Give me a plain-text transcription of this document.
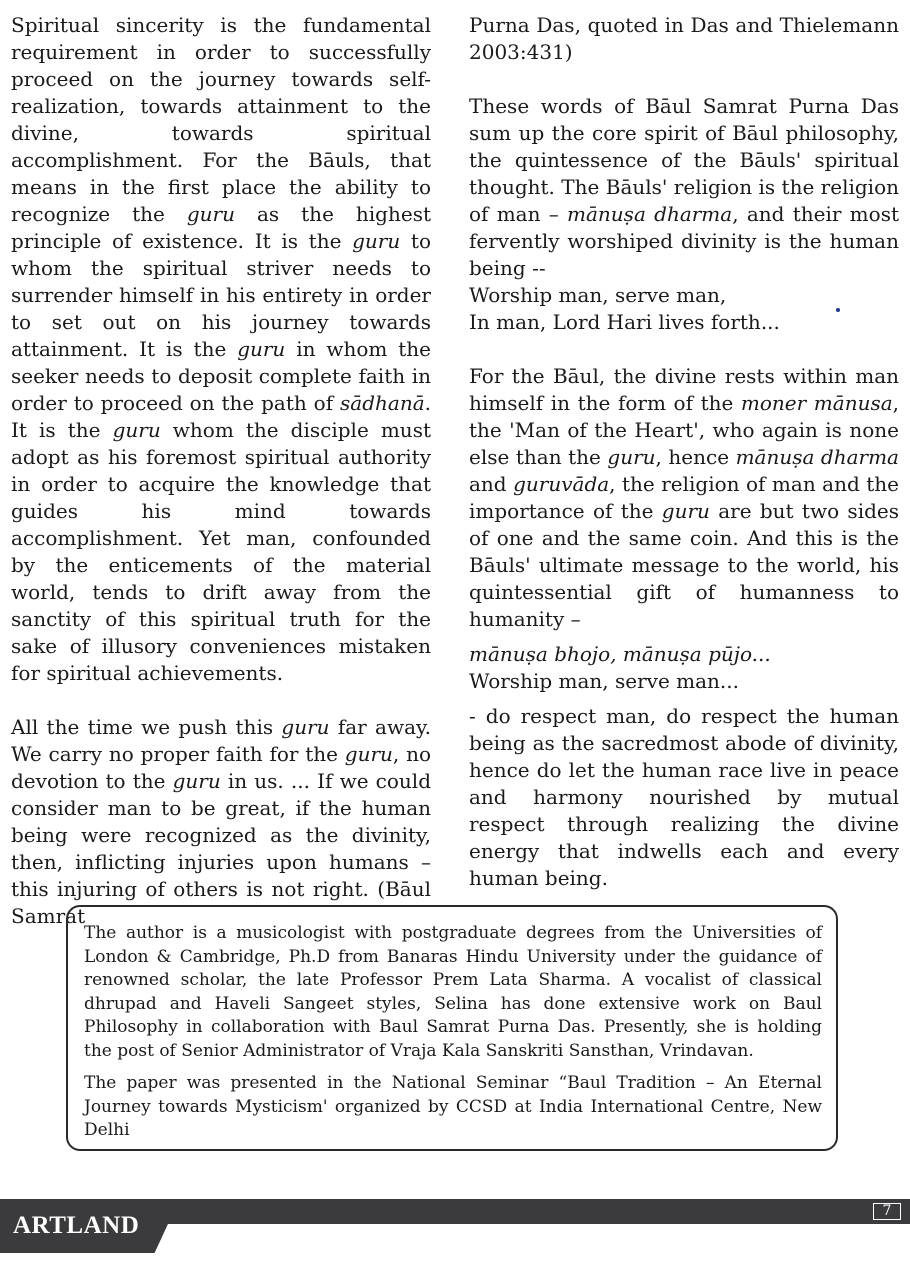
Spiritual sincerity is the fundamental requirement in order to successfully proceed on the journey towards self-realization, towards attainment to the divine, towards spiritual accomplishment. For the Bāuls, that means in the first place the ability to recognize the guru as the highest principle of existence. It is the guru to whom the spiritual striver needs to surrender himself in his entirety in order to set out on his journey towards attainment. It is the guru in whom the seeker needs to deposit complete faith in order to proceed on the path of sādhanā. It is the guru whom the disciple must adopt as his foremost spiritual authority in order to acquire the knowledge that guides his mind towards accomplishment. Yet man, confounded by the enticements of the material world, tends to drift away from the sanctity of this spiritual truth for the sake of illusory conveniences mistaken for spiritual achievements.

All the time we push this guru far away. We carry no proper faith for the guru, no devotion to the guru in us. ... If we could consider man to be great, if the human being were recognized as the divinity, then, inflicting injuries upon humans – this injuring of others is not right. (Bāul Samrat

Purna Das, quoted in Das and Thielemann 2003:431)

These words of Bāul Samrat Purna Das sum up the core spirit of Bāul philosophy, the quintessence of the Bāuls' spiritual thought. The Bāuls' religion is the religion of man – mānuṣa dharma, and their most fervently worshiped divinity is the human being --

Worship man, serve man,

In man, Lord Hari lives forth...

For the Bāul, the divine rests within man himself in the form of the moner mānusa, the 'Man of the Heart', who again is none else than the guru, hence mānuṣa dharma and guruvāda, the religion of man and the importance of the guru are but two sides of one and the same coin. And this is the Bāuls' ultimate message to the world, his quintessential gift of humanness to humanity –

mānuṣa bhojo, mānuṣa pūjo...

Worship man, serve man...

- do respect man, do respect the human being as the sacredmost abode of divinity, hence do let the human race live in peace and harmony nourished by mutual respect through realizing the divine energy that indwells each and every human being.

The author is a musicologist with postgraduate degrees from the Universities of London & Cambridge, Ph.D from Banaras Hindu University under the guidance of renowned scholar, the late Professor Prem Lata Sharma. A vocalist of classical dhrupad and Haveli Sangeet styles, Selina has done extensive work on Baul Philosophy in collaboration with Baul Samrat Purna Das. Presently, she is holding the post of Senior Administrator of Vraja Kala Sanskriti Sansthan, Vrindavan.

The paper was presented in the National Seminar “Baul Tradition – An Eternal Journey towards Mysticism' organized by CCSD at India International Centre, New Delhi

ARTLAND
7
